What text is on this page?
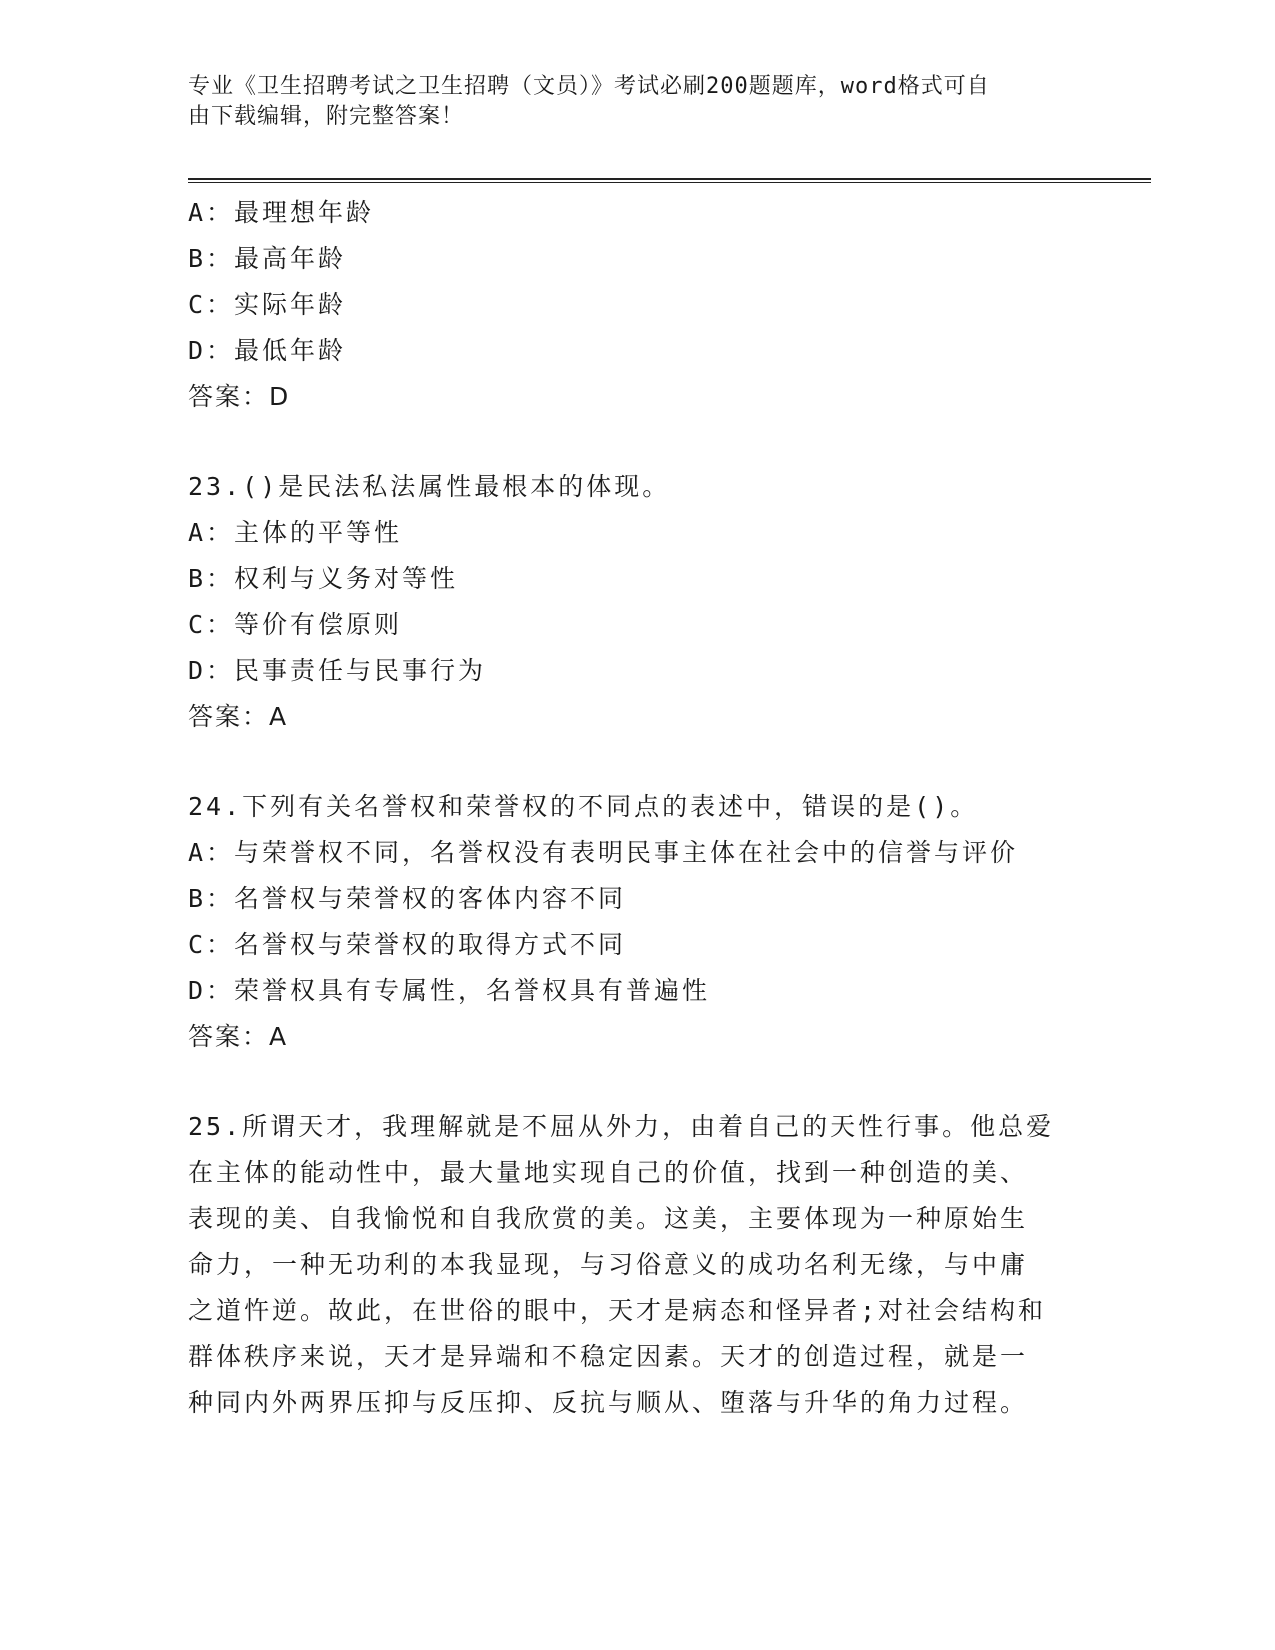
专业《卫生招聘考试之卫生招聘（文员）》考试必刷200题题库，word格式可自
由下载编辑，附完整答案！
A：最理想年龄
B：最高年龄
C：实际年龄
D：最低年龄
答案：D
23.()是民法私法属性最根本的体现。
A：主体的平等性
B：权利与义务对等性
C：等价有偿原则
D：民事责任与民事行为
答案：A
24.下列有关名誉权和荣誉权的不同点的表述中，错误的是()。
A：与荣誉权不同，名誉权没有表明民事主体在社会中的信誉与评价
B：名誉权与荣誉权的客体内容不同
C：名誉权与荣誉权的取得方式不同
D：荣誉权具有专属性，名誉权具有普遍性
答案：A
25.所谓天才，我理解就是不屈从外力，由着自己的天性行事。他总爱
在主体的能动性中，最大量地实现自己的价值，找到一种创造的美、
表现的美、自我愉悦和自我欣赏的美。这美，主要体现为一种原始生
命力，一种无功利的本我显现，与习俗意义的成功名利无缘，与中庸
之道忤逆。故此，在世俗的眼中，天才是病态和怪异者;对社会结构和
群体秩序来说，天才是异端和不稳定因素。天才的创造过程，就是一
种同内外两界压抑与反压抑、反抗与顺从、堕落与升华的角力过程。
